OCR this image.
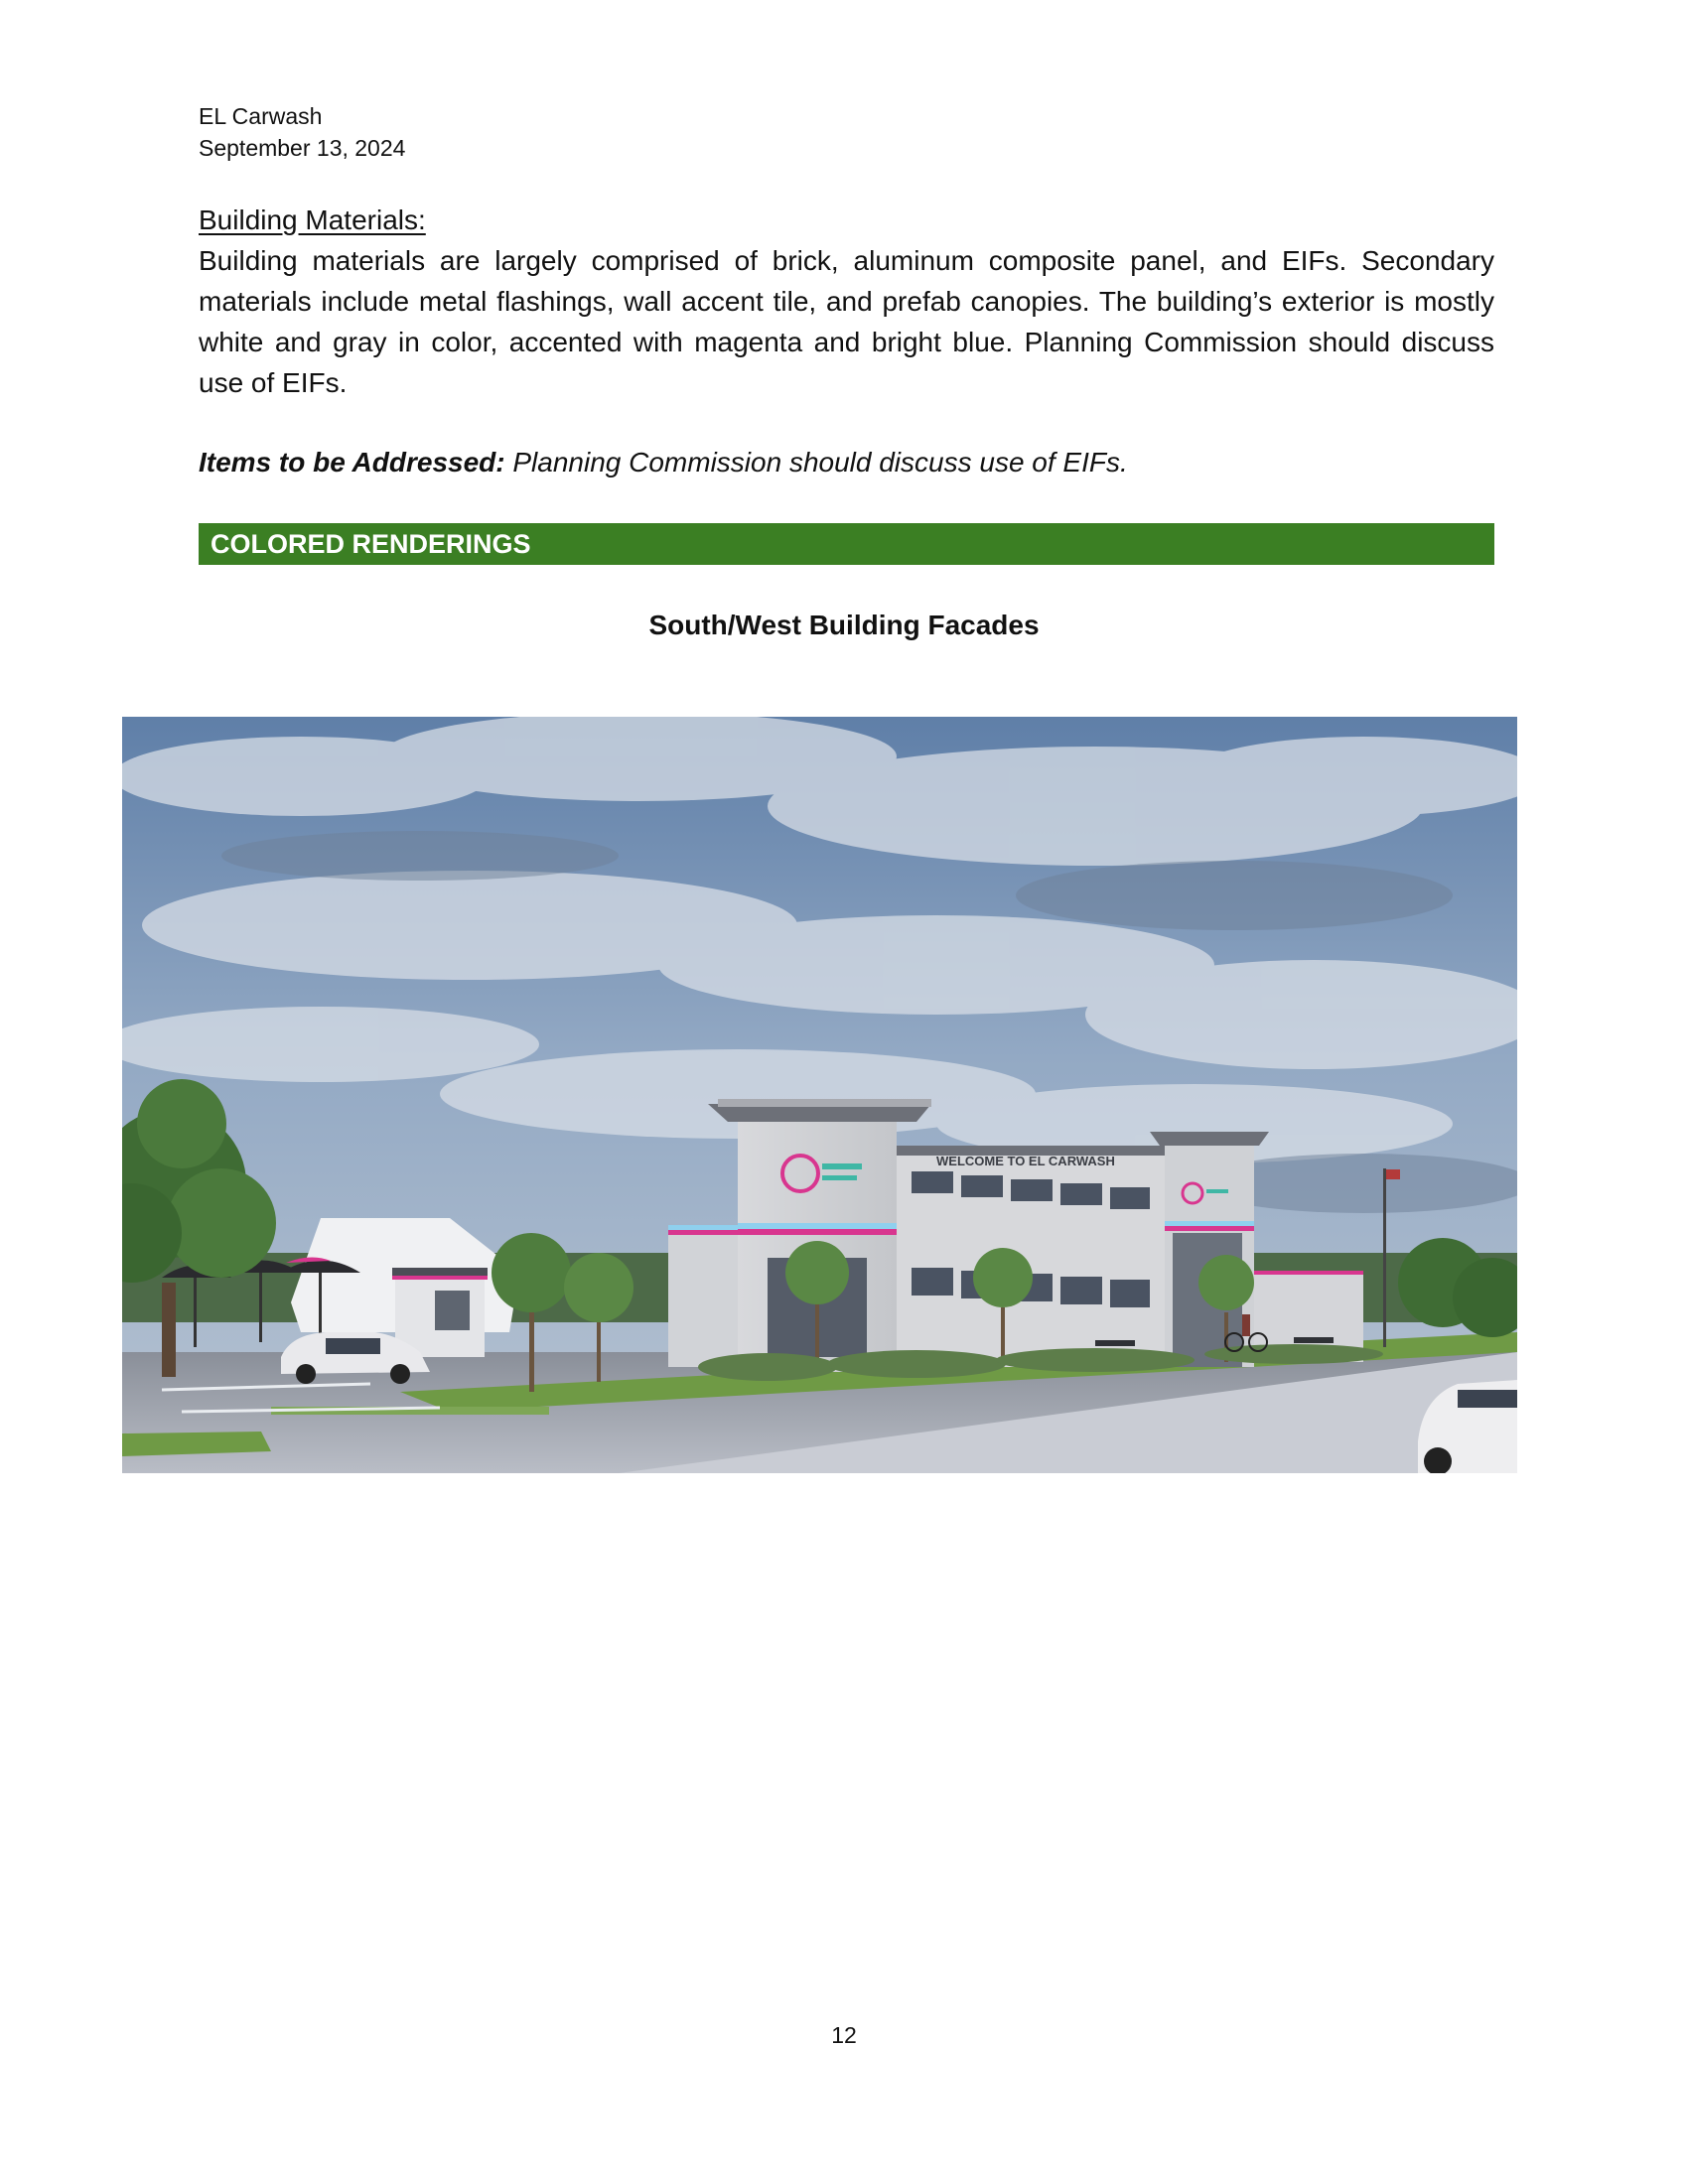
EL Carwash
September 13, 2024
Building Materials:
Building materials are largely comprised of brick, aluminum composite panel, and EIFs. Secondary materials include metal flashings, wall accent tile, and prefab canopies. The building’s exterior is mostly white and gray in color, accented with magenta and bright blue. Planning Commission should discuss use of EIFs.
Items to be Addressed: Planning Commission should discuss use of EIFs.
COLORED RENDERINGS
South/West Building Facades
WELCOME TO EL CARWASH
12
